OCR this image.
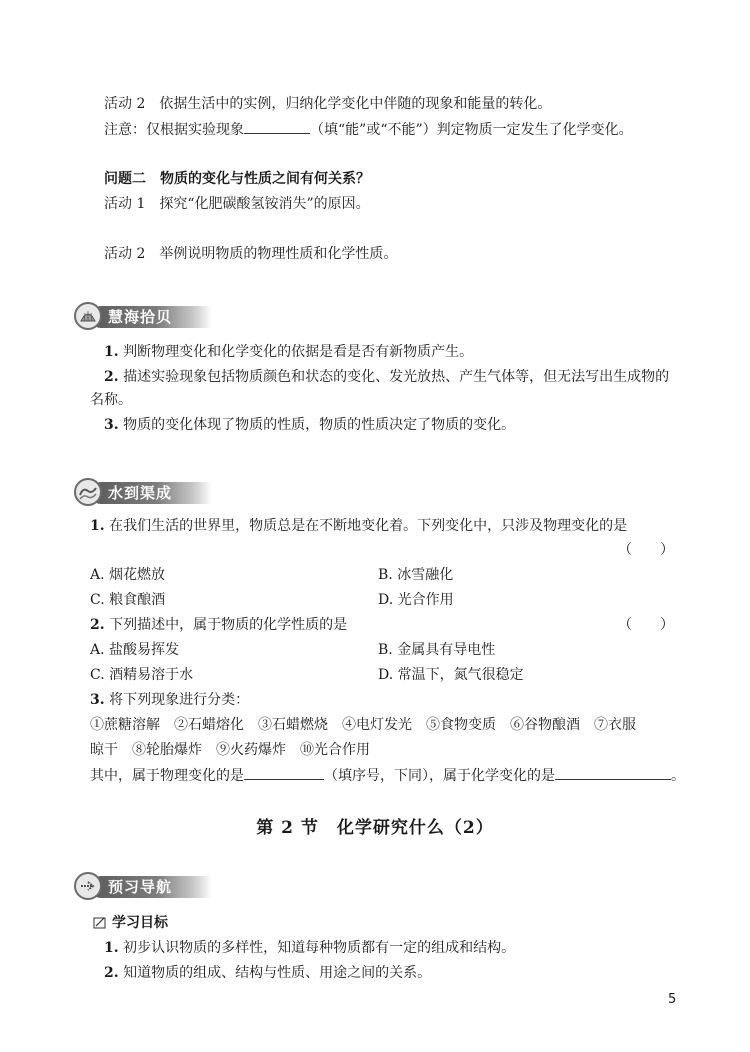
活动 2　依据生活中的实例，归纳化学变化中伴随的现象和能量的转化。
注意：仅根据实验现象	（填“能”或“不能”）判定物质一定发生了化学变化。
问题二　物质的变化与性质之间有何关系？
活动 1　探究“化肥碳酸氢铵消失”的原因。
活动 2　举例说明物质的物理性质和化学性质。
慧海拾贝
1. 判断物理变化和化学变化的依据是看是否有新物质产生。
2. 描述实验现象包括物质颜色和状态的变化、发光放热、产生气体等，但无法写出生成物的
名称。
3. 物质的变化体现了物质的性质，物质的性质决定了物质的变化。
水到渠成
1. 在我们生活的世界里，物质总是在不断地变化着。下列变化中，只涉及物理变化的是
（　　）
A. 烟花燃放	B. 冰雪融化
C. 粮食酿酒	D. 光合作用
2. 下列描述中，属于物质的化学性质的是	（　　）
A. 盐酸易挥发	B. 金属具有导电性
C. 酒精易溶于水	D. 常温下，氮气很稳定
3. 将下列现象进行分类：
①蔗糖溶解　②石蜡熔化　③石蜡燃烧　④电灯发光　⑤食物变质　⑥谷物酿酒　⑦衣服
晾干　⑧轮胎爆炸　⑨火药爆炸　⑩光合作用
其中，属于物理变化的是	（填序号，下同），属于化学变化的是	。
第 2 节　化学研究什么（2）
预习导航
学习目标
1. 初步认识物质的多样性，知道每种物质都有一定的组成和结构。
2. 知道物质的组成、结构与性质、用途之间的关系。
5
